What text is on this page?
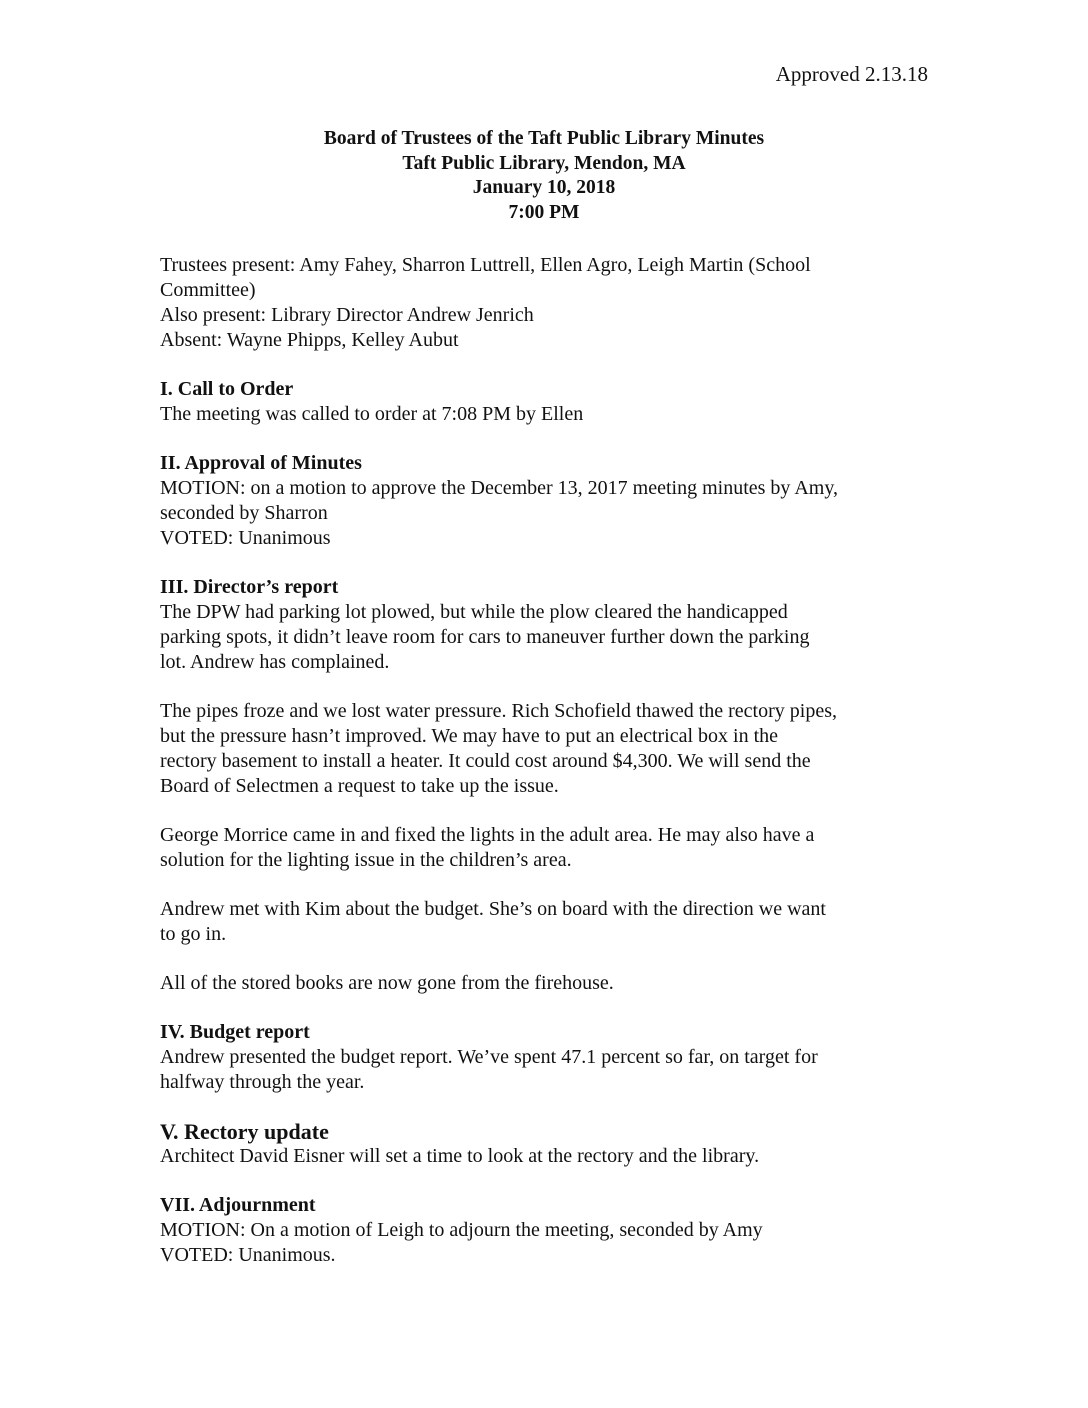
Approved 2.13.18
Board of Trustees of the Taft Public Library Minutes
Taft Public Library, Mendon, MA
January 10, 2018
7:00 PM

Trustees present: Amy Fahey, Sharron Luttrell, Ellen Agro, Leigh Martin (School

Committee)

Also present: Library Director Andrew Jenrich

Absent: Wayne Phipps, Kelley Aubut

I. Call to Order

The meeting was called to order at 7:08 PM by Ellen

II. Approval of Minutes

MOTION: on a motion to approve the December 13, 2017 meeting minutes by Amy,

seconded by Sharron

VOTED: Unanimous

III. Director’s report

The DPW had parking lot plowed, but while the plow cleared the handicapped

parking spots, it didn’t leave room for cars to maneuver further down the parking

lot. Andrew has complained.

The pipes froze and we lost water pressure. Rich Schofield thawed the rectory pipes,

but the pressure hasn’t improved. We may have to put an electrical box in the

rectory basement to install a heater. It could cost around $4,300. We will send the

Board of Selectmen a request to take up the issue.

George Morrice came in and fixed the lights in the adult area. He may also have a

solution for the lighting issue in the children’s area.

Andrew met with Kim about the budget. She’s on board with the direction we want

to go in.

All of the stored books are now gone from the firehouse.

IV. Budget report

Andrew presented the budget report. We’ve spent 47.1 percent so far, on target for

halfway through the year.

V. Rectory update

Architect David Eisner will set a time to look at the rectory and the library.

VII. Adjournment

MOTION: On a motion of Leigh to adjourn the meeting, seconded by Amy

VOTED: Unanimous.
